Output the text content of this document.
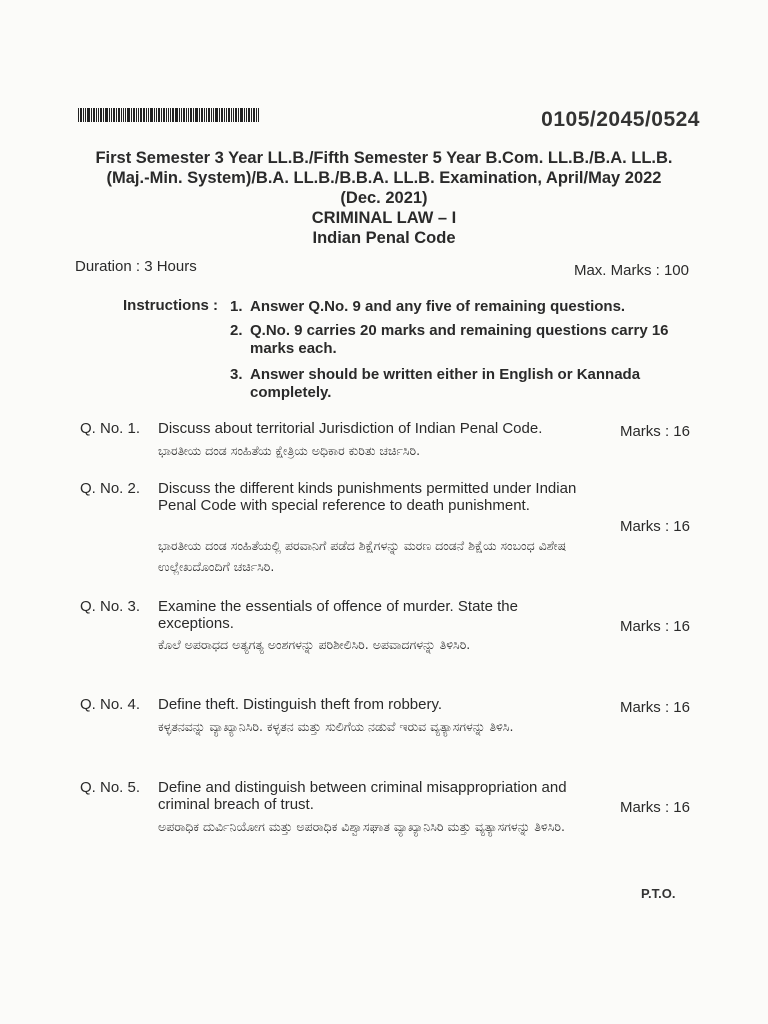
0105/2045/0524
First Semester 3 Year LL.B./Fifth Semester 5 Year B.Com. LL.B./B.A. LL.B.
(Maj.-Min. System)/B.A. LL.B./B.B.A. LL.B. Examination, April/May 2022
(Dec. 2021)
CRIMINAL LAW – I
Indian Penal Code
Duration : 3 Hours	Max. Marks : 100
Instructions : 1. Answer Q.No. 9 and any five of remaining questions.
2. Q.No. 9 carries 20 marks and remaining questions carry 16 marks each.
3. Answer should be written either in English or Kannada completely.
Q. No. 1. Discuss about territorial Jurisdiction of Indian Penal Code.
ಭಾರತೀಯ ದಂಡ ಸಂಹಿತೆಯ ಕ್ಷೇತ್ರಿಯ ಅಧಿಕಾರ ಕುರಿತು ಚರ್ಚಿಸಿರಿ.
Marks : 16
Q. No. 2. Discuss the different kinds punishments permitted under Indian Penal Code with special reference to death punishment.
ಭಾರತೀಯ ದಂಡ ಸಂಹಿತೆಯಲ್ಲಿ ಪರವಾನಿಗೆ ಪಡೆದ ಶಿಕ್ಷೆಗಳನ್ನು ಮರಣ ದಂಡನೆ ಶಿಕ್ಷೆಯ ಸಂಬಂಧ ವಿಶೇಷ ಉಲ್ಲೇಖದೊಂದಿಗೆ ಚರ್ಚಿಸಿರಿ.
Marks : 16
Q. No. 3. Examine the essentials of offence of murder. State the exceptions.
ಕೊಲೆ ಅಪರಾಧದ ಅತ್ಯಗತ್ಯ ಅಂಶಗಳನ್ನು ಪರಿಶೀಲಿಸಿರಿ. ಅಪವಾದಗಳನ್ನು ತಿಳಿಸಿರಿ.
Marks : 16
Q. No. 4. Define theft. Distinguish theft from robbery.
ಕಳ್ಳತನವನ್ನು ವ್ಯಾಖ್ಯಾನಿಸಿರಿ. ಕಳ್ಳತನ ಮತ್ತು ಸುಲಿಗೆಯ ನಡುವೆ ಇರುವ ವ್ಯತ್ಯಾಸಗಳನ್ನು ತಿಳಿಸಿ.
Marks : 16
Q. No. 5. Define and distinguish between criminal misappropriation and criminal breach of trust.
ಅಪರಾಧಿಕ ದುರ್ವಿನಿಯೋಗ ಮತ್ತು ಅಪರಾಧಿಕ ವಿಶ್ವಾಸಘಾತ ವ್ಯಾಖ್ಯಾನಿಸಿರಿ ಮತ್ತು ವ್ಯತ್ಯಾಸಗಳನ್ನು ತಿಳಿಸಿರಿ.
Marks : 16
P.T.O.
